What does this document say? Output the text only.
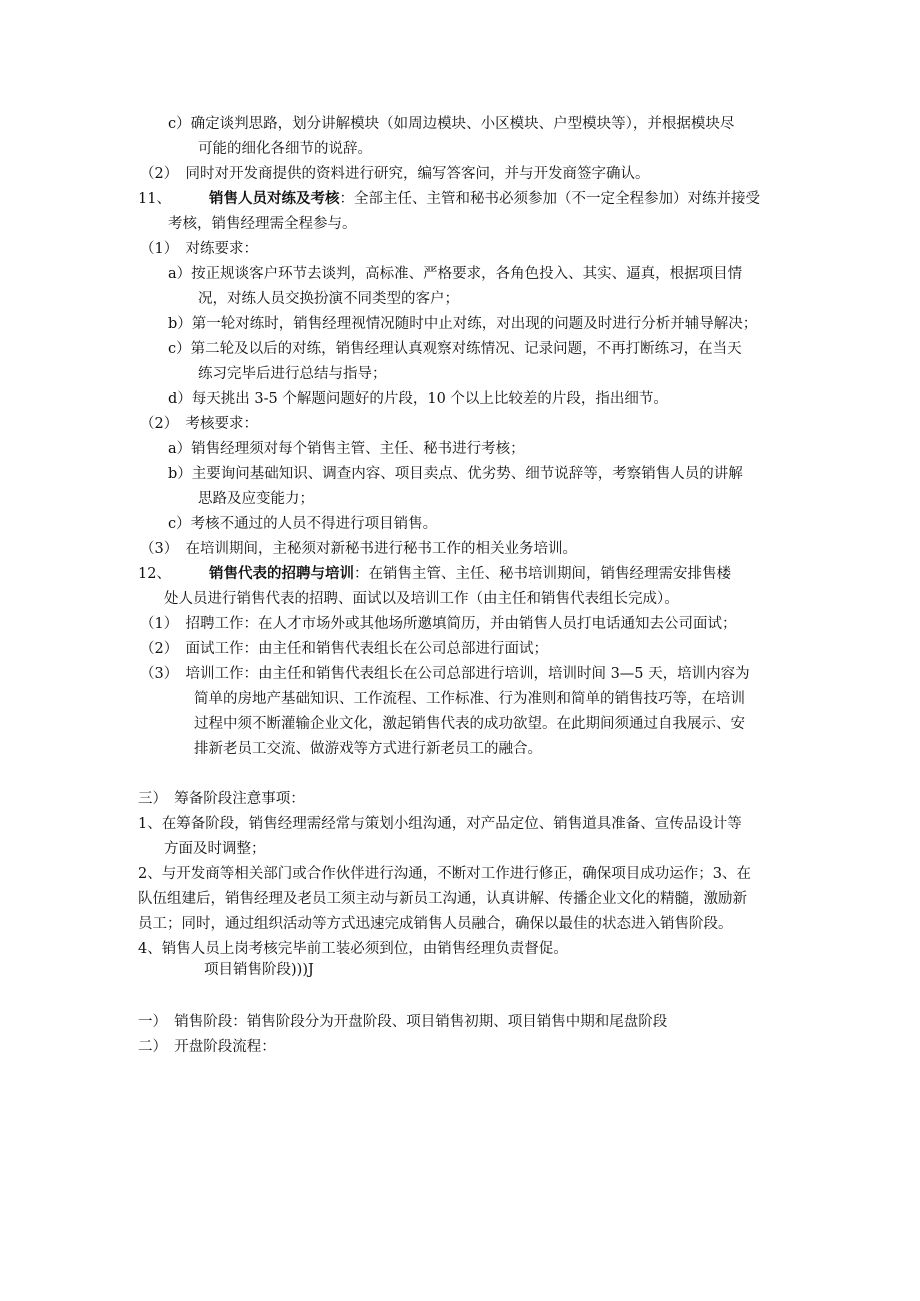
c）确定谈判思路，划分讲解模块（如周边模块、小区模块、户型模块等），并根据模块尽
可能的细化各细节的说辞。
（2）　同时对开发商提供的资料进行研究，编写答客问，并与开发商签字确认。
11、	销售人员对练及考核：全部主任、主管和秘书必须参加（不一定全程参加）对练并接受
考核，销售经理需全程参与。
（1）　对练要求：
a）按正规谈客户环节去谈判，高标准、严格要求，各角色投入、其实、逼真，根据项目情
况，对练人员交换扮演不同类型的客户；
b）第一轮对练时，销售经理视情况随时中止对练，对出现的问题及时进行分析并辅导解决；
c）第二轮及以后的对练，销售经理认真观察对练情况、记录问题，不再打断练习，在当天
练习完毕后进行总结与指导；
d）每天挑出 3-5 个解题问题好的片段，10 个以上比较差的片段，指出细节。
（2）　考核要求：
a）销售经理须对每个销售主管、主任、秘书进行考核；
b）主要询问基础知识、调查内容、项目卖点、优劣势、细节说辞等，考察销售人员的讲解
思路及应变能力；
c）考核不通过的人员不得进行项目销售。
（3）　在培训期间，主秘须对新秘书进行秘书工作的相关业务培训。
12、	销售代表的招聘与培训：在销售主管、主任、秘书培训期间，销售经理需安排售楼
处人员进行销售代表的招聘、面试以及培训工作（由主任和销售代表组长完成）。
（1）　招聘工作：在人才市场外或其他场所邀填简历，并由销售人员打电话通知去公司面试；
（2）　面试工作：由主任和销售代表组长在公司总部进行面试；
（3）　培训工作：由主任和销售代表组长在公司总部进行培训，培训时间 3—5 天，培训内容为
简单的房地产基础知识、工作流程、工作标准、行为准则和简单的销售技巧等，在培训
过程中须不断灌输企业文化，激起销售代表的成功欲望。在此期间须通过自我展示、安
排新老员工交流、做游戏等方式进行新老员工的融合。
三）　筹备阶段注意事项：
1、在筹备阶段，销售经理需经常与策划小组沟通，对产品定位、销售道具准备、宣传品设计等
方面及时调整；
2、与开发商等相关部门或合作伙伴进行沟通，不断对工作进行修正，确保项目成功运作；3、在
队伍组建后，销售经理及老员工须主动与新员工沟通，认真讲解、传播企业文化的精髓，激励新
员工；同时，通过组织活动等方式迅速完成销售人员融合，确保以最佳的状态进入销售阶段。
4、销售人员上岗考核完毕前工装必须到位，由销售经理负责督促。
项目销售阶段)))J
一）　销售阶段：销售阶段分为开盘阶段、项目销售初期、项目销售中期和尾盘阶段
二）　开盘阶段流程：
